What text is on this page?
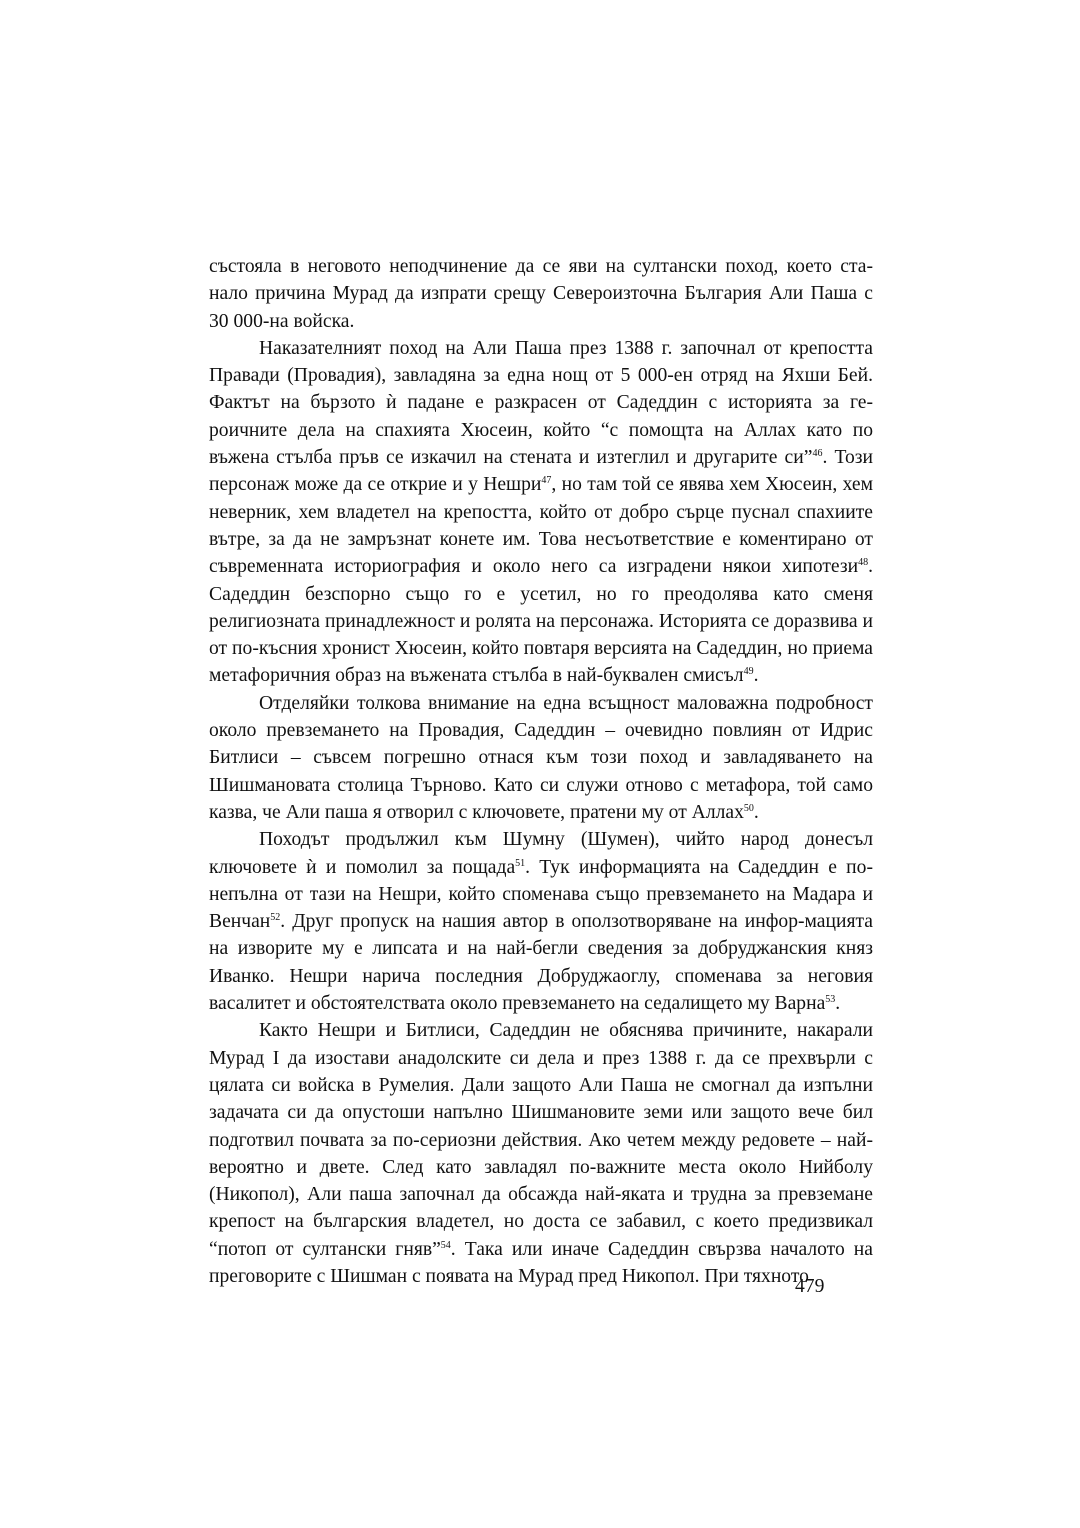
състояла в неговото неподчинение да се яви на султански поход, което ста-нало причина Мурад да изпрати срещу Североизточна България Али Паша с 30 000-на войска.

Наказателният поход на Али Паша през 1388 г. започнал от крепостта Правади (Провадия), завладяна за една нощ от 5 000-ен отряд на Яхши Бей. Фактът на бързото ѝ падане е разкрасен от Садеддин с историята за ге-роичните дела на спахията Хюсеин, който “с помощта на Аллах като по въжена стълба пръв се изкачил на стената и изтеглил и другарите си”$^{46}$. Този персонаж може да се открие и у Нешри$^{47}$, но там той се явява хем Хюсеин, хем неверник, хем владетел на крепостта, който от добро сърце пуснал спахиите вътре, за да не замръзнат конете им. Това несъответствие е коментирано от съвременната историография и около него са изградени някои хипотези$^{48}$. Садеддин безспорно също го е усетил, но го преодолява като сменя религиозната принадлежност и ролята на персонажа. Историята се доразвива и от по-късния хронист Хюсеин, който повтаря версията на Садеддин, но приема метафоричния образ на въжената стълба в най-буквален смисъл$^{49}$.

Отделяйки толкова внимание на една всъщност маловажна подробност около превземането на Провадия, Садеддин – очевидно повлиян от Идрис Битлиси – съвсем погрешно отнася към този поход и завладяването на Шишмановата столица Търново. Като си служи отново с метафора, той само казва, че Али паша я отворил с ключовете, пратени му от Аллах$^{50}$.

Походът продължил към Шумну (Шумен), чийто народ донесъл ключовете ѝ и помолил за пощада$^{51}$. Тук информацията на Садеддин е по-непълна от тази на Нешри, който споменава също превземането на Мадара и Венчан$^{52}$. Друг пропуск на нашия автор в оползотворяване на инфор-мацията на изворите му е липсата и на най-бегли сведения за добруджанския княз Иванко. Нешри нарича последния Добруджаоглу, споменава за неговия васалитет и обстоятелствата около превземането на седалището му Варна$^{53}$.

Както Нешри и Битлиси, Садеддин не обяснява причините, накарали Мурад I да изостави анадолските си дела и през 1388 г. да се прехвърли с цялата си войска в Румелия. Дали защото Али Паша не смогнал да изпълни задачата си да опустоши напълно Шишмановите земи или защото вече бил подготвил почвата за по-сериозни действия. Ако четем между редовете – най-вероятно и двете. След като завладял по-важните места около Нийболу (Никопол), Али паша започнал да обсажда най-яката и трудна за превземане крепост на българския владетел, но доста се забавил, с което предизвикал “потоп от султански гняв”$^{54}$. Така или иначе Садеддин свързва началото на преговорите с Шишман с появата на Мурад пред Никопол. При тяхното

479
